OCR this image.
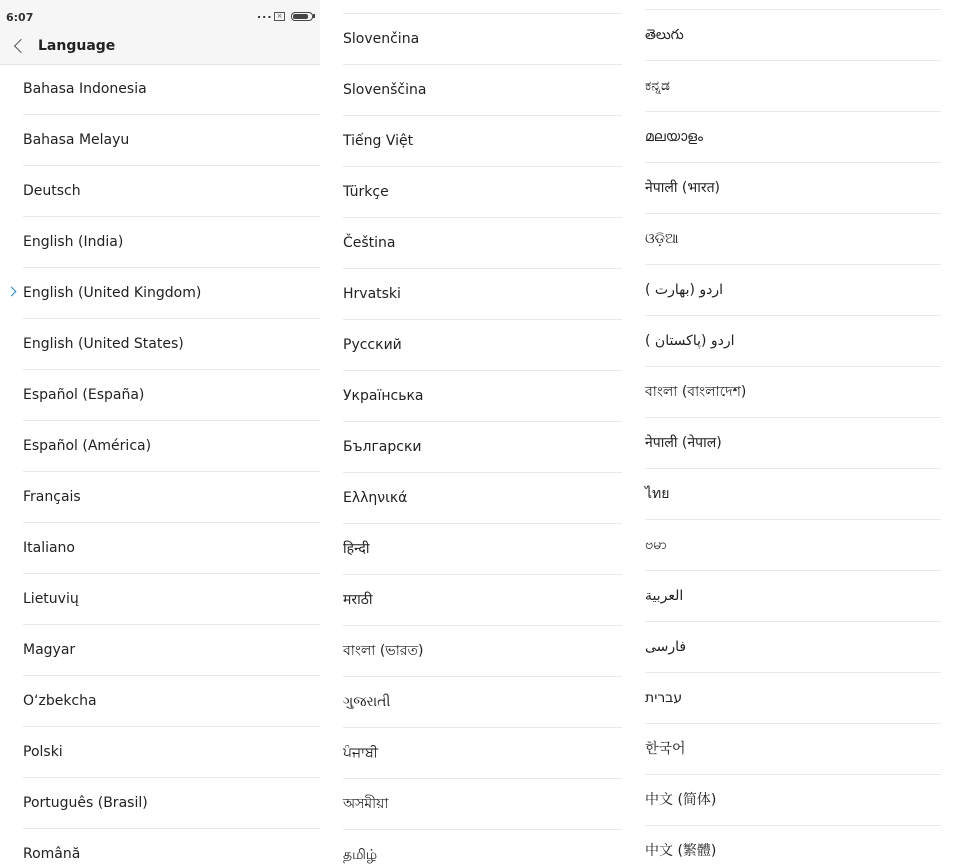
6:07	... ×
Language
Bahasa Indonesia
Bahasa Melayu
Deutsch
English (India)
English (United Kingdom)
English (United States)
Español (España)
Español (América)
Français
Italiano
Lietuvių
Magyar
O‘zbekcha
Polski
Português (Brasil)
Română
Slovenčina
Slovenščina
Tiếng Việt
Türkçe
Čeština
Hrvatski
Русский
Українська
Български
Ελληνικά
हिन्दी
मराठी
বাংলা (ভারত)
ગુજરાતી
ਪੰਜਾਬੀ
অসমীয়া
தமிழ்
తెలుగు
ಕನ್ನಡ
മലയാളം
नेपाली (भारत)
ଓଡ଼ିଆ
اردو (بھارت )
اردو (پاکستان )
বাংলা (বাংলাদেশ)
नेपाली (नेपाल)
ไทย
ဗမာ
العربية
فارسی
עברית
한국어
中文 (简体)
中文 (繁體)
